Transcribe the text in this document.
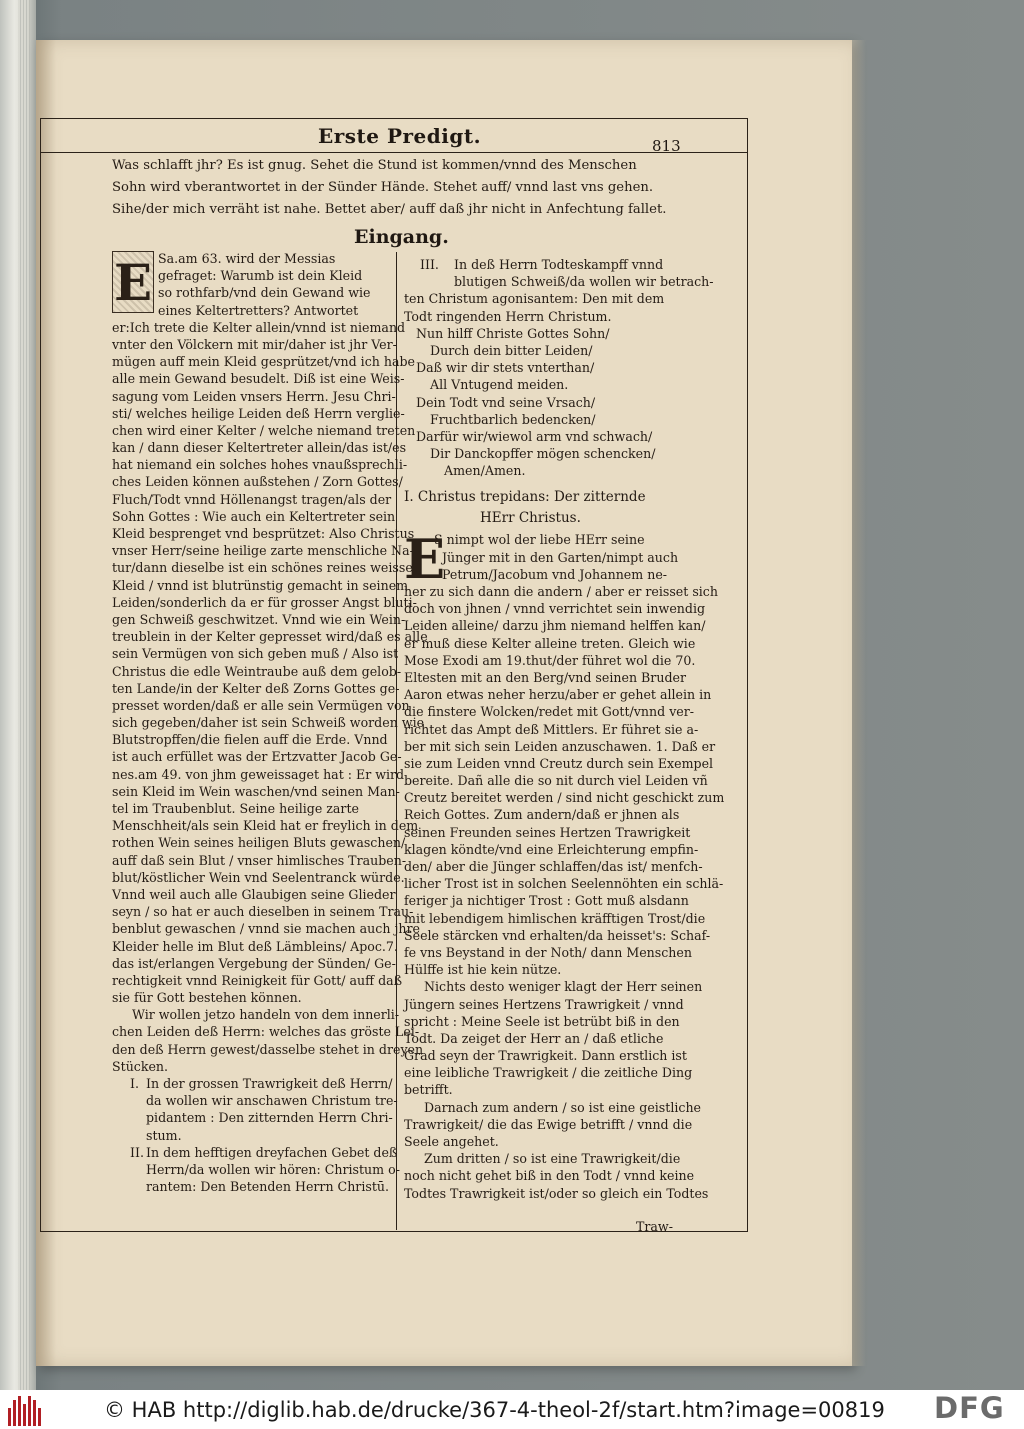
Erste Predigt.	813
Was schlafft jhr? Es ist gnug. Sehet die Stund ist kommen/vnnd des Menschen
Sohn wird vberantwortet in der Sünder Hände. Stehet auff/ vnnd last vns gehen.
Sihe/der mich verräht ist nahe. Bettet aber/ auff daß jhr nicht in Anfechtung fallet.
Eingang.
E Sa.am 63. wird der Messias
gefraget: Warumb ist dein Kleid
so rothfarb/vnd dein Gewand wie
eines Keltertretters? Antwortet
er:Ich trete die Kelter allein/vnnd ist niemand
vnter den Völckern mit mir/daher ist jhr Ver-
mügen auff mein Kleid gesprützet/vnd ich habe
alle mein Gewand besudelt. Diß ist eine Weis-
sagung vom Leiden vnsers Herrn. Jesu Chri-
sti/ welches heilige Leiden deß Herrn verglie-
chen wird einer Kelter / welche niemand treten
kan / dann dieser Keltertreter allein/das ist/es
hat niemand ein solches hohes vnaußsprechli-
ches Leiden können außstehen / Zorn Gottes/
Fluch/Todt vnnd Höllenangst tragen/als der
Sohn Gottes : Wie auch ein Keltertreter sein
Kleid besprenget vnd besprützet: Also Christus
vnser Herr/seine heilige zarte menschliche Na-
tur/dann dieselbe ist ein schönes reines weisses
Kleid / vnnd ist blutrünstig gemacht in seinem
Leiden/sonderlich da er für grosser Angst bluti-
gen Schweiß geschwitzet. Vnnd wie ein Wein-
treublein in der Kelter gepresset wird/daß es alle
sein Vermügen von sich geben muß / Also ist
Christus die edle Weintraube auß dem gelob-
ten Lande/in der Kelter deß Zorns Gottes ge-
presset worden/daß er alle sein Vermügen von
sich gegeben/daher ist sein Schweiß worden wie
Blutstropffen/die fielen auff die Erde. Vnnd
ist auch erfüllet was der Ertzvatter Jacob Ge-
nes.am 49. von jhm geweissaget hat : Er wird
sein Kleid im Wein waschen/vnd seinen Man-
tel im Traubenblut. Seine heilige zarte
Menschheit/als sein Kleid hat er freylich in dem
rothen Wein seines heiligen Bluts gewaschen/
auff daß sein Blut / vnser himlisches Trauben-
blut/köstlicher Wein vnd Seelentranck würde.
Vnnd weil auch alle Glaubigen seine Glieder
seyn / so hat er auch dieselben in seinem Trau-
benblut gewaschen / vnnd sie machen auch jhre
Kleider helle im Blut deß Lämbleins/ Apoc.7.
das ist/erlangen Vergebung der Sünden/ Ge-
rechtigkeit vnnd Reinigkeit für Gott/ auff daß
sie für Gott bestehen können.
Wir wollen jetzo handeln von dem innerli-
chen Leiden deß Herrn: welches das gröste Lei-
den deß Herrn gewest/dasselbe stehet in dreyen
Stücken.
I. In der grossen Trawrigkeit deß Herrn/
da wollen wir anschawen Christum tre-
pidantem : Den zitternden Herrn Chri-
stum.
II. In dem hefftigen dreyfachen Gebet deß
Herrn/da wollen wir hören: Christum o-
rantem: Den Betenden Herrn Christū.
III. In deß Herrn Todteskampff vnnd
blutigen Schweiß/da wollen wir betrach-
ten Christum agonisantem: Den mit dem
Todt ringenden Herrn Christum.
Nun hilff Christe Gottes Sohn/
Durch dein bitter Leiden/
Daß wir dir stets vnterthan/
All Vntugend meiden.
Dein Todt vnd seine Vrsach/
Fruchtbarlich bedencken/
Darfür wir/wiewol arm vnd schwach/
Dir Danckopffer mögen schencken/
Amen/Amen.
I. Christus trepidans: Der zitternde
HErr Christus.
E
S nimpt wol der liebe HErr seine
Jünger mit in den Garten/nimpt auch
Petrum/Jacobum vnd Johannem ne-
her zu sich dann die andern / aber er reisset sich
doch von jhnen / vnnd verrichtet sein inwendig
Leiden alleine/ darzu jhm niemand helffen kan/
er muß diese Kelter alleine treten. Gleich wie
Mose Exodi am 19.thut/der führet wol die 70.
Eltesten mit an den Berg/vnd seinen Bruder
Aaron etwas neher herzu/aber er gehet allein in
die finstere Wolcken/redet mit Gott/vnnd ver-
richtet das Ampt deß Mittlers. Er führet sie a-
ber mit sich sein Leiden anzuschawen. 1. Daß er
sie zum Leiden vnnd Creutz durch sein Exempel
bereite. Dañ alle die so nit durch viel Leiden vñ
Creutz bereitet werden / sind nicht geschickt zum
Reich Gottes. Zum andern/daß er jhnen als
seinen Freunden seines Hertzen Trawrigkeit
klagen köndte/vnd eine Erleichterung empfin-
den/ aber die Jünger schlaffen/das ist/ menfch-
licher Trost ist in solchen Seelennöhten ein schlä-
feriger ja nichtiger Trost : Gott muß alsdann
mit lebendigem himlischen kräfftigen Trost/die
Seele stärcken vnd erhalten/da heisset's: Schaf-
fe vns Beystand in der Noth/ dann Menschen
Hülffe ist hie kein nütze.
Nichts desto weniger klagt der Herr seinen
Jüngern seines Hertzens Trawrigkeit / vnnd
spricht : Meine Seele ist betrübt biß in den
Todt. Da zeiget der Herr an / daß etliche
Grad seyn der Trawrigkeit. Dann erstlich ist
eine leibliche Trawrigkeit / die zeitliche Ding
betrifft.
Darnach zum andern / so ist eine geistliche
Trawrigkeit/ die das Ewige betrifft / vnnd die
Seele angehet.
Zum dritten / so ist eine Trawrigkeit/die
noch nicht gehet biß in den Todt / vnnd keine
Todtes Trawrigkeit ist/oder so gleich ein Todtes
Traw-
© HAB http://diglib.hab.de/drucke/367-4-theol-2f/start.htm?image=00819 DFG
